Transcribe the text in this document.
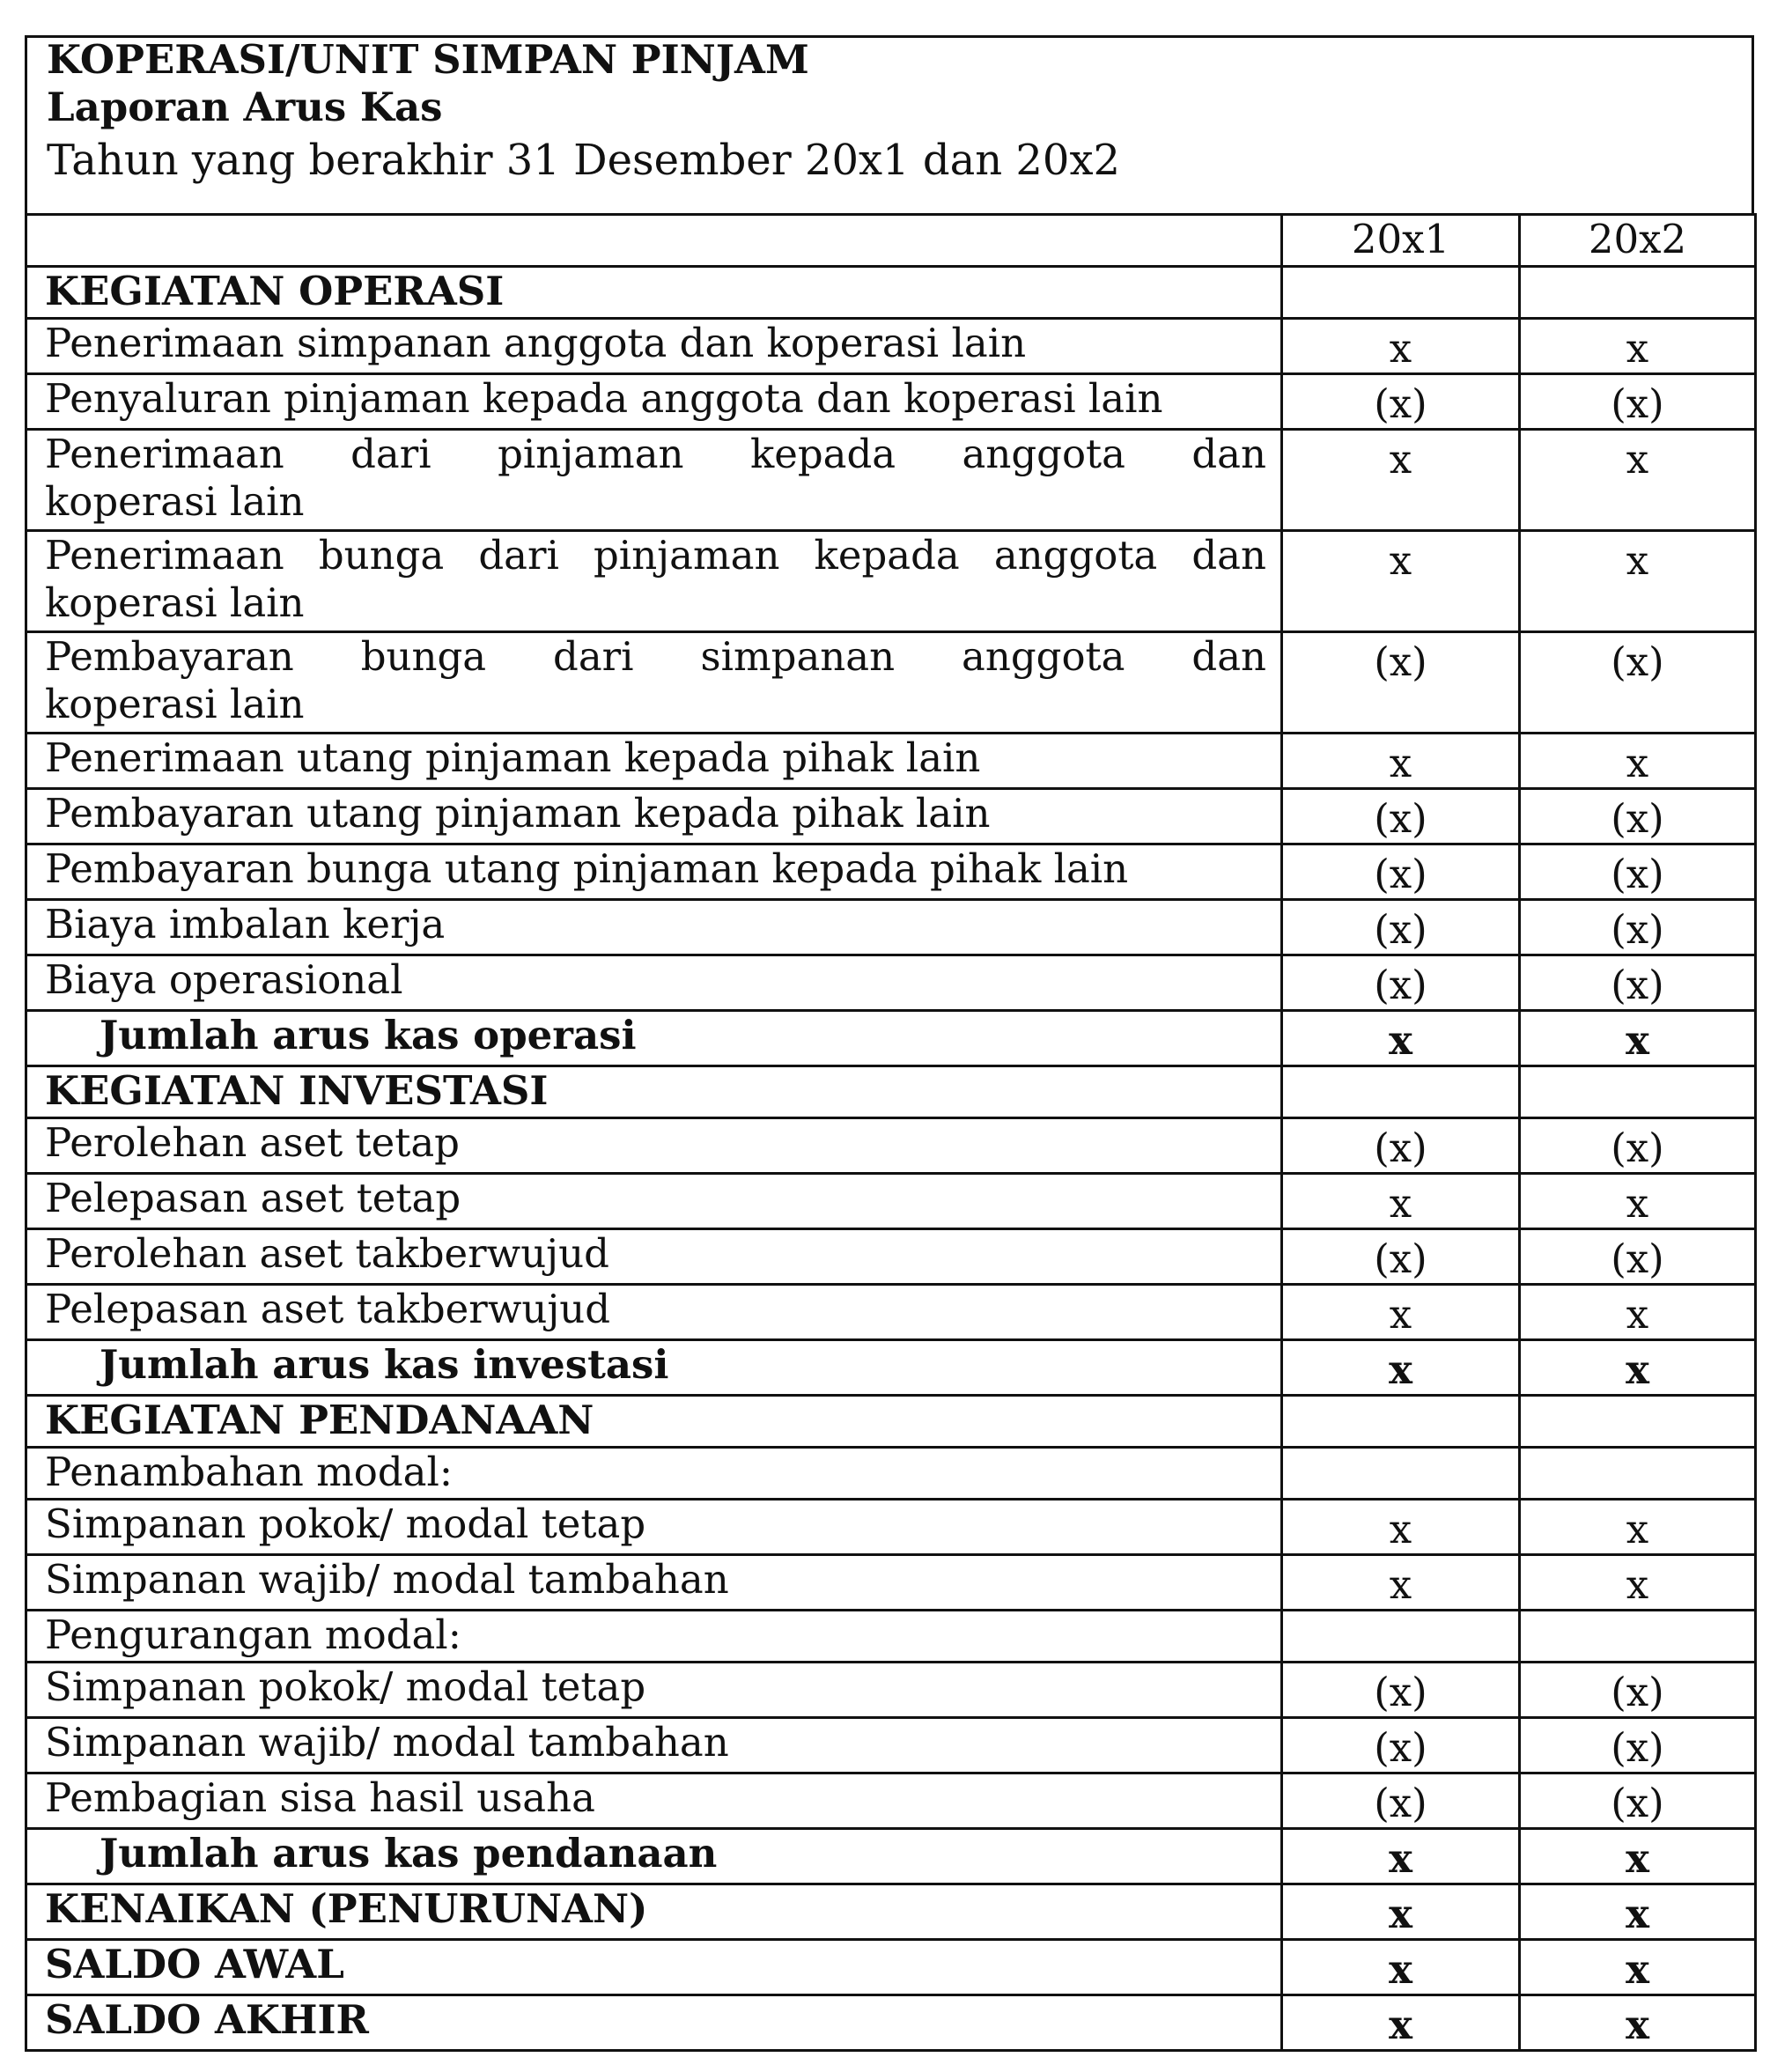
KOPERASI/UNIT SIMPAN PINJAM
Laporan Arus Kas
Tahun yang berakhir 31 Desember 20x1 dan 20x2
	20x1	20x2
KEGIATAN OPERASI		
Penerimaan simpanan anggota dan koperasi lain	x	x
Penyaluran pinjaman kepada anggota dan koperasi lain	(x)	(x)

Penerimaan dari pinjaman kepada anggota dan
koperasi lain	x	x

Penerimaan bunga dari pinjaman kepada anggota dan
koperasi lain	x	x

Pembayaran bunga dari simpanan anggota dan
koperasi lain	(x)	(x)
Penerimaan utang pinjaman kepada pihak lain	x	x
Pembayaran utang pinjaman kepada pihak lain	(x)	(x)
Pembayaran bunga utang pinjaman kepada pihak lain	(x)	(x)
Biaya imbalan kerja	(x)	(x)
Biaya operasional	(x)	(x)
Jumlah arus kas operasi	x	x
KEGIATAN INVESTASI		
Perolehan aset tetap	(x)	(x)
Pelepasan aset tetap	x	x
Perolehan aset takberwujud	(x)	(x)
Pelepasan aset takberwujud	x	x
Jumlah arus kas investasi	x	x
KEGIATAN PENDANAAN		
Penambahan modal:		
Simpanan pokok/ modal tetap	x	x
Simpanan wajib/ modal tambahan	x	x
Pengurangan modal:		
Simpanan pokok/ modal tetap	(x)	(x)
Simpanan wajib/ modal tambahan	(x)	(x)
Pembagian sisa hasil usaha	(x)	(x)
Jumlah arus kas pendanaan	x	x
KENAIKAN (PENURUNAN)	x	x
SALDO AWAL	x	x
SALDO AKHIR	x	x
